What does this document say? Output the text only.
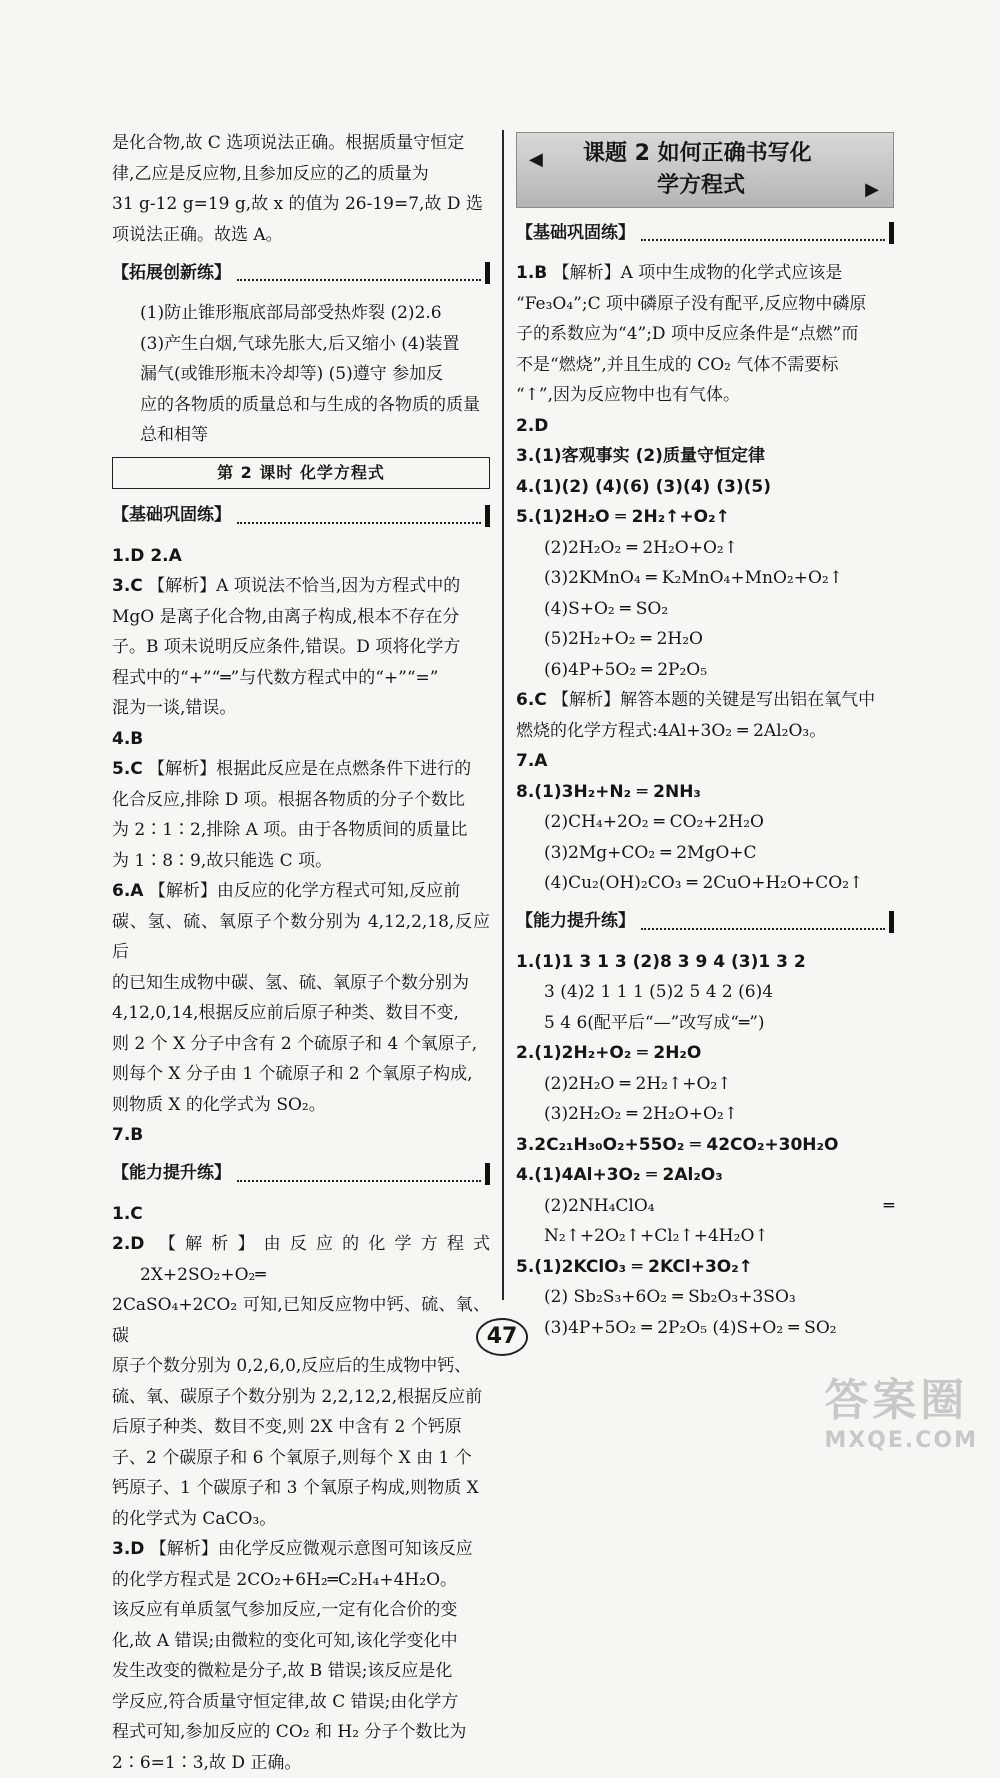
是化合物,故 C 选项说法正确。根据质量守恒定

律,乙应是反应物,且参加反应的乙的质量为

31 g-12 g=19 g,故 x 的值为 26-19=7,故 D 选

项说法正确。故选 A。

【拓展创新练】

(1)防止锥形瓶底部局部受热炸裂 (2)2.6

(3)产生白烟,气球先胀大,后又缩小 (4)装置

漏气(或锥形瓶未冷却等) (5)遵守 参加反

应的各物质的质量总和与生成的各物质的质量

总和相等

第 2 课时 化学方程式
【基础巩固练】

1.D 2.A

3.C 【解析】A 项说法不恰当,因为方程式中的

MgO 是离子化合物,由离子构成,根本不存在分

子。B 项未说明反应条件,错误。D 项将化学方

程式中的“+”“═”与代数方程式中的“+”“=”

混为一谈,错误。

4.B

5.C 【解析】根据此反应是在点燃条件下进行的

化合反应,排除 D 项。根据各物质的分子个数比

为 2∶1∶2,排除 A 项。由于各物质间的质量比

为 1∶8∶9,故只能选 C 项。

6.A 【解析】由反应的化学方程式可知,反应前

碳、氢、硫、氧原子个数分别为 4,12,2,18,反应后

的已知生成物中碳、氢、硫、氧原子个数分别为

4,12,0,14,根据反应前后原子种类、数目不变,

则 2 个 X 分子中含有 2 个硫原子和 4 个氧原子,

则每个 X 分子由 1 个硫原子和 2 个氧原子构成,

则物质 X 的化学式为 SO₂。

7.B

【能力提升练】

1.C

2.D 【解析】由反应的化学方程式 2X+2SO₂+O₂═

2CaSO₄+2CO₂ 可知,已知反应物中钙、硫、氧、碳

原子个数分别为 0,2,6,0,反应后的生成物中钙、

硫、氧、碳原子个数分别为 2,2,12,2,根据反应前

后原子种类、数目不变,则 2X 中含有 2 个钙原

子、2 个碳原子和 6 个氧原子,则每个 X 由 1 个

钙原子、1 个碳原子和 3 个氧原子构成,则物质 X

的化学式为 CaCO₃。

3.D 【解析】由化学反应微观示意图可知该反应

的化学方程式是 2CO₂+6H₂═C₂H₄+4H₂O。

该反应有单质氢气参加反应,一定有化合价的变

化,故 A 错误;由微粒的变化可知,该化学变化中

发生改变的微粒是分子,故 B 错误;该反应是化

学反应,符合质量守恒定律,故 C 错误;由化学方

程式可知,参加反应的 CO₂ 和 H₂ 分子个数比为

2∶6=1∶3,故 D 正确。

◀ 课题 2 如何正确书写化
学方程式	▶
【基础巩固练】

1.B 【解析】A 项中生成物的化学式应该是

“Fe₃O₄”;C 项中磷原子没有配平,反应物中磷原

子的系数应为“4”;D 项中反应条件是“点燃”而

不是“燃烧”,并且生成的 CO₂ 气体不需要标

“↑”,因为反应物中也有气体。

2.D

3.(1)客观事实 (2)质量守恒定律

4.(1)(2) (4)(6) (3)(4) (3)(5)

5.(1)2H₂O ═ 2H₂↑+O₂↑

(2)2H₂O₂ ═ 2H₂O+O₂↑

(3)2KMnO₄ ═ K₂MnO₄+MnO₂+O₂↑

(4)S+O₂ ═ SO₂

(5)2H₂+O₂ ═ 2H₂O

(6)4P+5O₂ ═ 2P₂O₅

6.C 【解析】解答本题的关键是写出铝在氧气中

燃烧的化学方程式:4Al+3O₂ ═ 2Al₂O₃。

7.A

8.(1)3H₂+N₂ ═ 2NH₃

(2)CH₄+2O₂ ═ CO₂+2H₂O

(3)2Mg+CO₂ ═ 2MgO+C

(4)Cu₂(OH)₂CO₃ ═ 2CuO+H₂O+CO₂↑

【能力提升练】

1.(1)1 3 1 3 (2)8 3 9 4 (3)1 3 2

3 (4)2 1 1 1 (5)2 5 4 2 (6)4

5 4 6(配平后“—”改写成“═”)

2.(1)2H₂+O₂ ═ 2H₂O

(2)2H₂O ═ 2H₂↑+O₂↑

(3)2H₂O₂ ═ 2H₂O+O₂↑

3.2C₂₁H₃₀O₂+55O₂ ═ 42CO₂+30H₂O

4.(1)4Al+3O₂ ═ 2Al₂O₃

(2)2NH₄ClO₄ ═ N₂↑+2O₂↑+Cl₂↑+4H₂O↑

5.(1)2KClO₃ ═ 2KCl+3O₂↑

(2) Sb₂S₃+6O₂ ═ Sb₂O₃+3SO₃

(3)4P+5O₂ ═ 2P₂O₅ (4)S+O₂ ═ SO₂

47
答案圈
MXQE.COM
